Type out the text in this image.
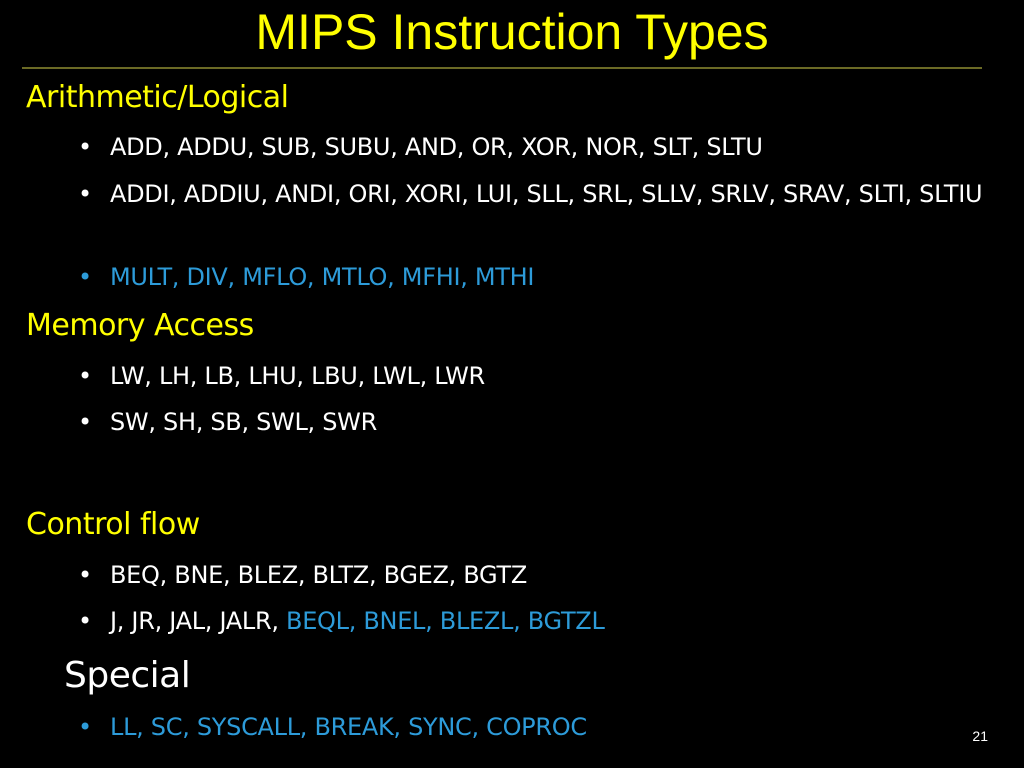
MIPS Instruction Types
Arithmetic/Logical
• ADD, ADDU, SUB, SUBU, AND, OR, XOR, NOR, SLT, SLTU
• ADDI, ADDIU, ANDI, ORI, XORI, LUI, SLL, SRL, SLLV, SRLV, SRAV, SLTI, SLTIU
• MULT, DIV, MFLO, MTLO, MFHI, MTHI
Memory Access
• LW, LH, LB, LHU, LBU, LWL, LWR
• SW, SH, SB, SWL, SWR
Control flow
• BEQ, BNE, BLEZ, BLTZ, BGEZ, BGTZ
• J, JR, JAL, JALR, BEQL, BNEL, BLEZL, BGTZL
Special
• LL, SC, SYSCALL, BREAK, SYNC, COPROC	21
